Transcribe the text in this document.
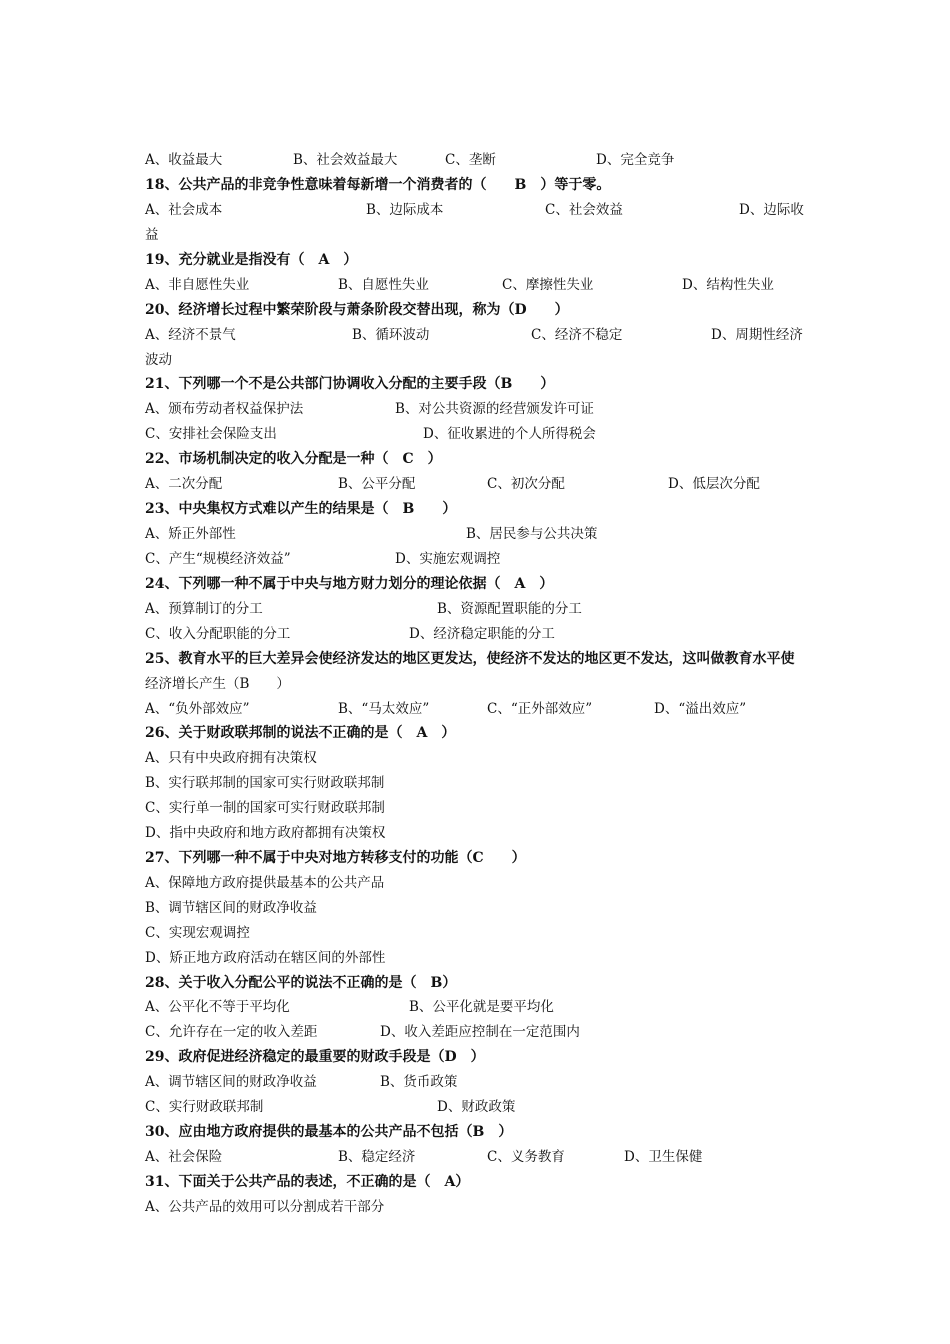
A、收益最大	B、社会效益最大	C、垄断	D、完全竞争
18、公共产品的非竞争性意味着每新增一个消费者的（　　B　）等于零。
A、社会成本	B、边际成本	C、社会效益	D、边际收
益
19、充分就业是指没有（　A　）
A、非自愿性失业	B、自愿性失业	C、摩擦性失业	D、结构性失业
20、经济增长过程中繁荣阶段与萧条阶段交替出现，称为（D　　）
A、经济不景气	B、循环波动	C、经济不稳定	D、周期性经济
波动
21、下列哪一个不是公共部门协调收入分配的主要手段（B　　）
A、颁布劳动者权益保护法	B、对公共资源的经营颁发许可证
C、安排社会保险支出	D、征收累进的个人所得税会
22、市场机制决定的收入分配是一种（　C　）
A、二次分配	B、公平分配	C、初次分配	D、低层次分配
23、中央集权方式难以产生的结果是（　B　　）
A、矫正外部性	B、居民参与公共决策
C、产生“规模经济效益”	D、实施宏观调控
24、下列哪一种不属于中央与地方财力划分的理论依据（　A　）
A、预算制订的分工	B、资源配置职能的分工
C、收入分配职能的分工	D、经济稳定职能的分工
25、教育水平的巨大差异会使经济发达的地区更发达，使经济不发达的地区更不发达，这叫做教育水平使
经济增长产生（B　　）
A、“负外部效应”	B、“马太效应”	C、“正外部效应”	D、“溢出效应”
26、关于财政联邦制的说法不正确的是（　A　）
A、只有中央政府拥有决策权
B、实行联邦制的国家可实行财政联邦制
C、实行单一制的国家可实行财政联邦制
D、指中央政府和地方政府都拥有决策权
27、下列哪一种不属于中央对地方转移支付的功能（C　　）
A、保障地方政府提供最基本的公共产品
B、调节辖区间的财政净收益
C、实现宏观调控
D、矫正地方政府活动在辖区间的外部性
28、关于收入分配公平的说法不正确的是（　B）
A、公平化不等于平均化	B、公平化就是要平均化
C、允许存在一定的收入差距	D、收入差距应控制在一定范围内
29、政府促进经济稳定的最重要的财政手段是（D　）
A、调节辖区间的财政净收益	B、货币政策
C、实行财政联邦制	D、财政政策
30、应由地方政府提供的最基本的公共产品不包括（B　）
A、社会保险	B、稳定经济	C、义务教育	D、卫生保健
31、下面关于公共产品的表述，不正确的是（　A）
A、公共产品的效用可以分割成若干部分
